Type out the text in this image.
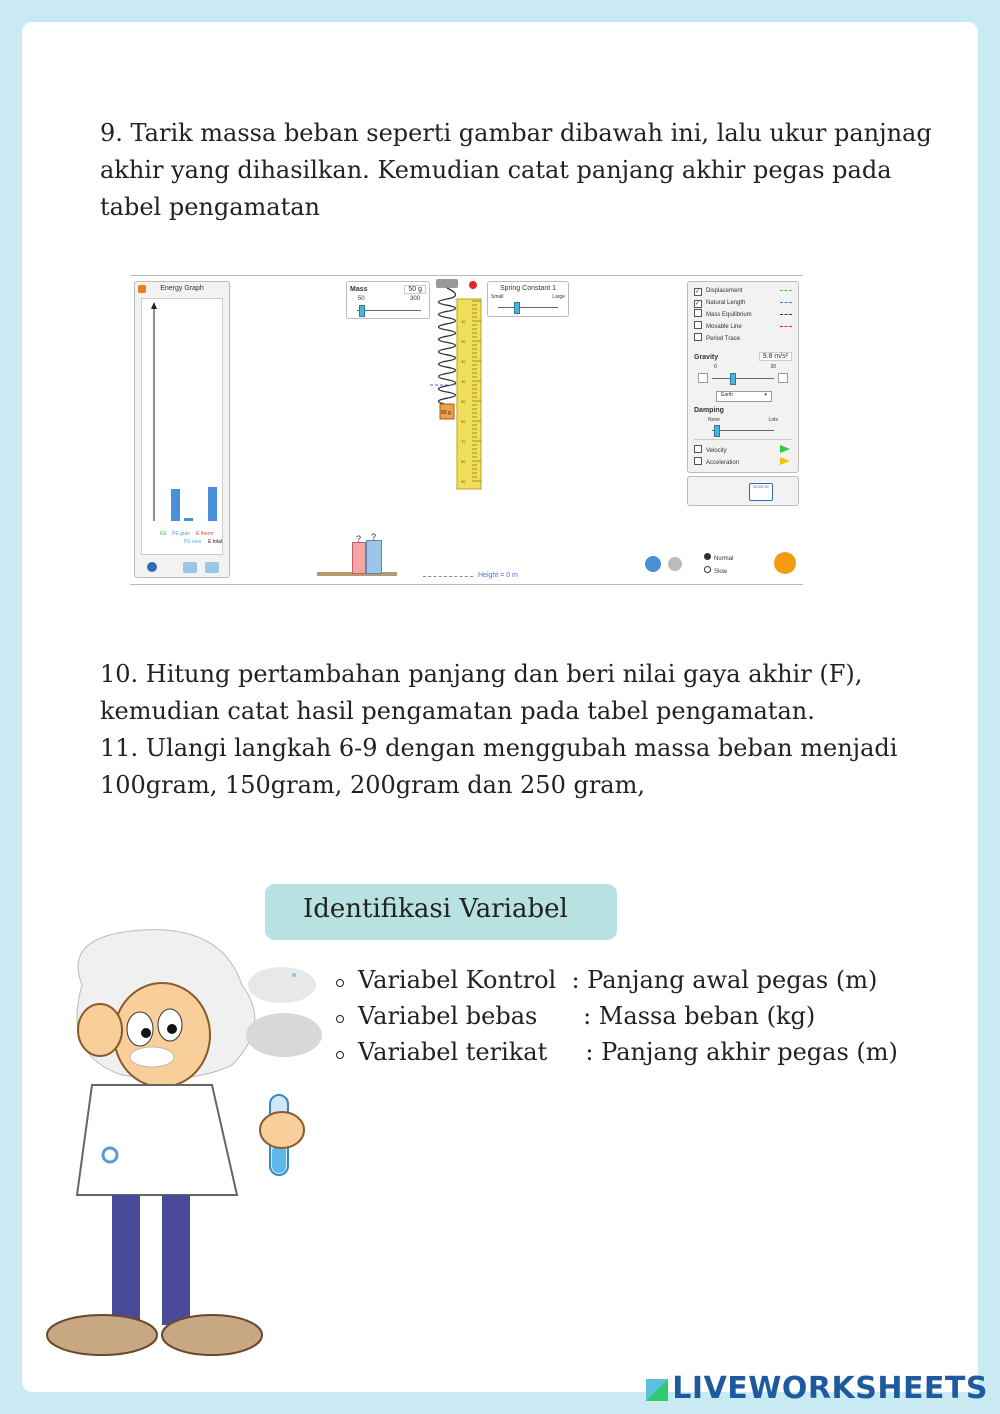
9. Tarik massa beban seperti gambar dibawah ini, lalu ukur panjnag
akhir yang dihasilkan. Kemudian catat panjang akhir pegas pada
tabel pengamatan

Energy Graph
KE PE grav
PE elas
E therm
E total
Mass	50 g
50	300
50 g
10
20
30
40
50
60
70
80
90
Spring Constant 1
Small	Large
✓ Displacement
✓ Natural Length
Mass Equilibrium
Movable Line
Period Trace
Gravity	9.8 m/s²
0	30
Earth	▾
Damping
None	Lots
Velocity
Acceleration
00:00.00
? ?
Height = 0 m
Normal
Slow

10. Hitung pertambahan panjang dan beri nilai gaya akhir (F),
kemudian catat hasil pengamatan pada tabel pengamatan.

11. Ulangi langkah 6-9 dengan menggubah massa beban menjadi
100gram, 150gram, 200gram dan 250 gram,

Identifikasi Variabel
Variabel Kontrol  : Panjang awal pegas (m)
Variabel bebas      : Massa beban (kg)
Variabel terikat     : Panjang akhir pegas (m)
LIVEWORKSHEETS
